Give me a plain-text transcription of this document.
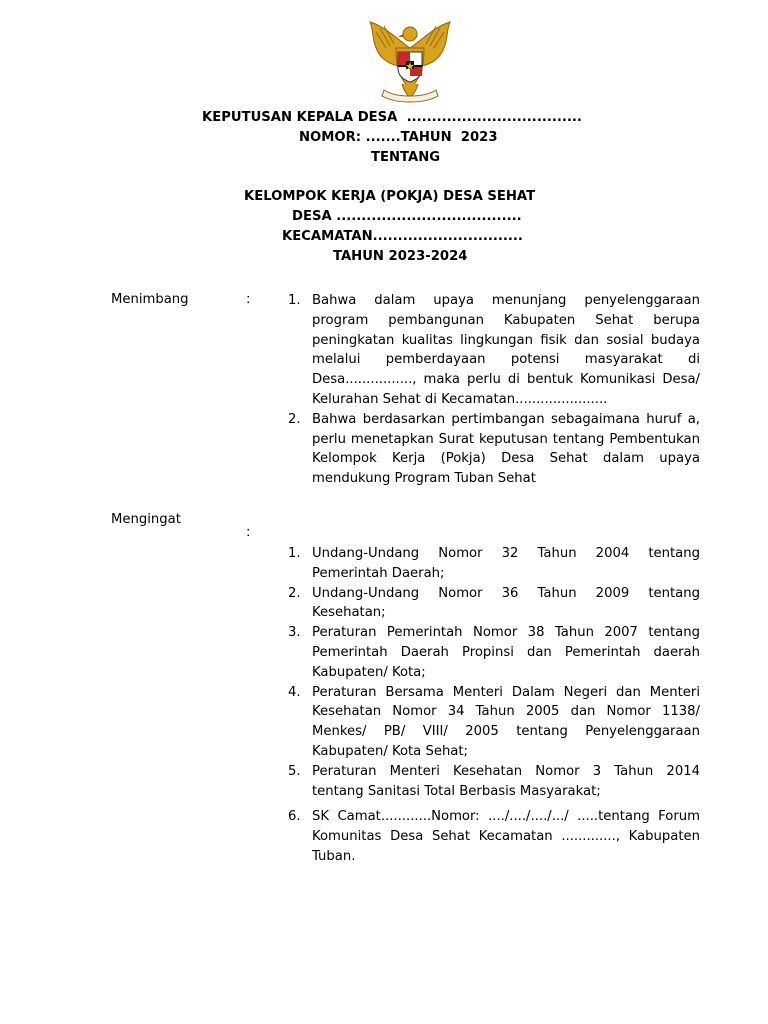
KEPUTUSAN KEPALA DESA  ...................................
NOMOR: .......TAHUN  2023
TENTANG
KELOMPOK KERJA (POKJA) DESA SEHAT
DESA .....................................
KECAMATAN..............................
TAHUN 2023-2024
Menimbang	:	1. Bahwa dalam upaya menunjang penyelenggaraan program pembangunan Kabupaten Sehat berupa peningkatan kualitas lingkungan fisik dan sosial budaya melalui pemberdayaan potensi masyarakat di Desa................, maka perlu di bentuk Komunikasi Desa/ Kelurahan Sehat di Kecamatan......................
2. Bahwa berdasarkan pertimbangan sebagaimana huruf a, perlu menetapkan Surat keputusan tentang Pembentukan Kelompok Kerja (Pokja) Desa Sehat dalam upaya mendukung Program Tuban Sehat
Mengingat
:
1. Undang-Undang Nomor 32 Tahun 2004 tentang Pemerintah Daerah;
2. Undang-Undang Nomor 36 Tahun 2009 tentang Kesehatan;
3. Peraturan Pemerintah Nomor 38 Tahun 2007 tentang Pemerintah Daerah Propinsi dan Pemerintah daerah Kabupaten/ Kota;
4. Peraturan Bersama Menteri Dalam Negeri dan Menteri Kesehatan Nomor 34 Tahun 2005 dan Nomor 1138/ Menkes/ PB/ VIII/ 2005 tentang Penyelenggaraan Kabupaten/ Kota Sehat;
5. Peraturan Menteri Kesehatan Nomor 3 Tahun 2014 tentang Sanitasi Total Berbasis Masyarakat;
6. SK Camat............Nomor: ..../..../..../.../ .....tentang Forum Komunitas Desa Sehat Kecamatan ............., Kabupaten Tuban.
